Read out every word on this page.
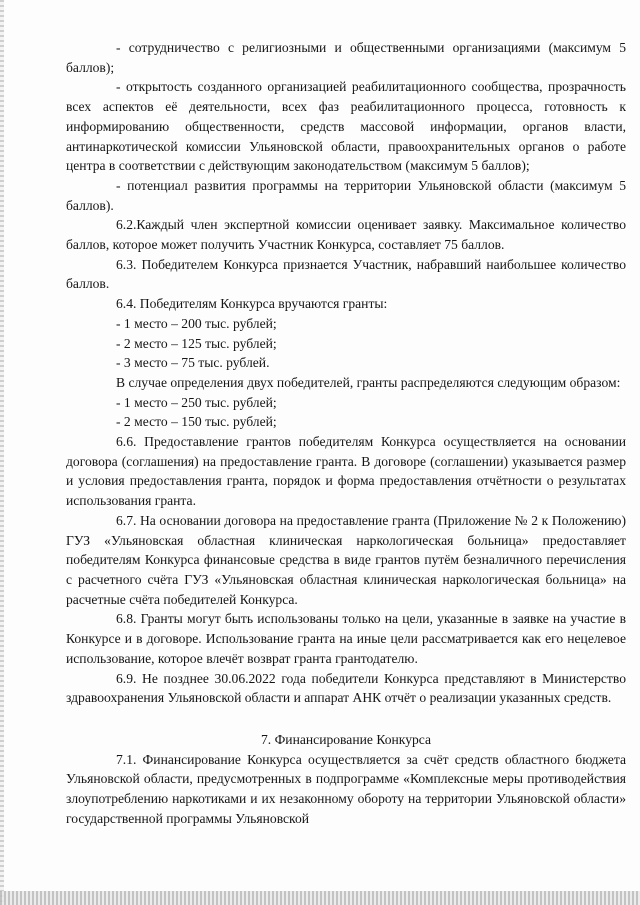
- сотрудничество с религиозными и общественными организациями (максимум 5 баллов);

- открытость созданного организацией реабилитационного сообщества, прозрачность всех аспектов её деятельности, всех фаз реабилитационного процесса, готовность к информированию общественности, средств массовой информации, органов власти, антинаркотической комиссии Ульяновской области, правоохранительных органов о работе центра в соответствии с действующим законодательством (максимум 5 баллов);

- потенциал развития программы на территории Ульяновской области (максимум 5 баллов).

6.2.Каждый член экспертной комиссии оценивает заявку. Максимальное количество баллов, которое может получить Участник Конкурса, составляет 75 баллов.

6.3. Победителем Конкурса признается Участник, набравший наибольшее количество баллов.

6.4. Победителям Конкурса вручаются гранты:

- 1 место – 200 тыс. рублей;

- 2 место – 125 тыс. рублей;

- 3 место – 75 тыс. рублей.

В случае определения двух победителей, гранты распределяются следующим образом:

- 1 место – 250 тыс. рублей;

- 2 место – 150 тыс. рублей;

6.6. Предоставление грантов победителям Конкурса осуществляется на основании договора (соглашения) на предоставление гранта. В договоре (соглашении) указывается размер и условия предоставления гранта, порядок и форма предоставления отчётности о результатах использования гранта.

6.7. На основании договора на предоставление гранта (Приложение № 2 к Положению) ГУЗ «Ульяновская областная клиническая наркологическая больница» предоставляет победителям Конкурса финансовые средства в виде грантов путём безналичного перечисления с расчетного счёта ГУЗ «Ульяновская областная клиническая наркологическая больница» на расчетные счёта победителей Конкурса.

6.8. Гранты могут быть использованы только на цели, указанные в заявке на участие в Конкурсе и в договоре. Использование гранта на иные цели рассматривается как его нецелевое использование, которое влечёт возврат гранта грантодателю.

6.9. Не позднее 30.06.2022 года победители Конкурса представляют в Министерство здравоохранения Ульяновской области и аппарат АНК отчёт о реализации указанных средств.

7. Финансирование Конкурса

7.1. Финансирование Конкурса осуществляется за счёт средств областного бюджета Ульяновской области, предусмотренных в подпрограмме «Комплексные меры противодействия злоупотреблению наркотиками и их незаконному обороту на территории Ульяновской области» государственной программы Ульяновской
